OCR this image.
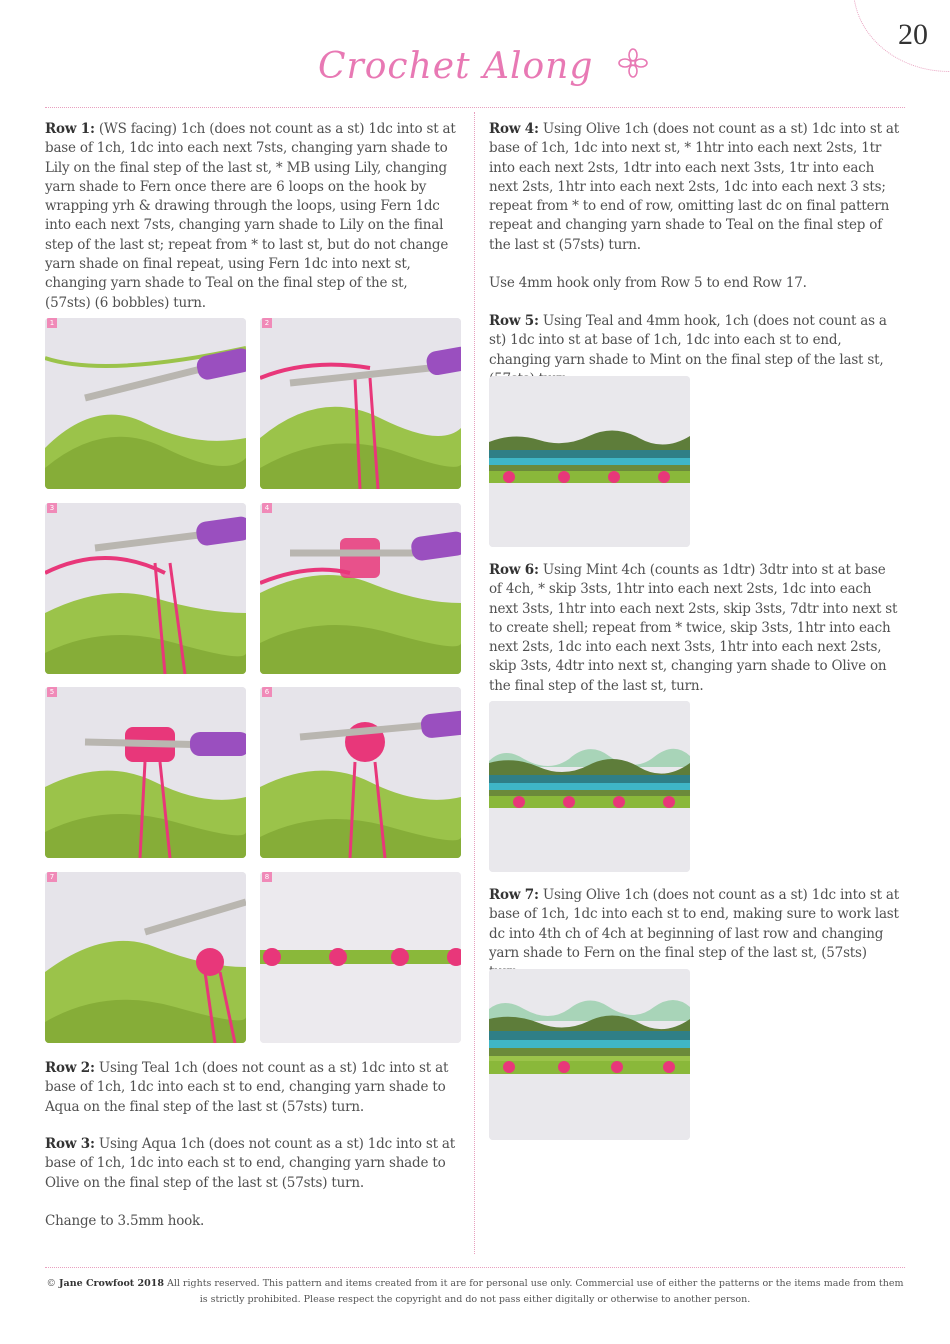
20
Crochet Along
Row 1: (WS facing) 1ch (does not count as a st) 1dc into st at base of 1ch, 1dc into each next 7sts, changing yarn shade to Lily on the final step of the last st, * MB using Lily, changing yarn shade to Fern once there are 6 loops on the hook by wrapping yrh & drawing through the loops, using Fern 1dc into each next 7sts, changing yarn shade to Lily on the final step of the last st; repeat from * to last st, but do not change yarn shade on final repeat, using Fern 1dc into next st, changing yarn shade to Teal on the final step of the st, (57sts) (6 bobbles) turn.
1	2
3	4
5	6
7	8
Row 2: Using Teal 1ch (does not count as a st) 1dc into st at base of 1ch, 1dc into each st to end, changing yarn shade to Aqua on the final step of the last st (57sts) turn.
Row 3: Using Aqua 1ch (does not count as a st) 1dc into st at base of 1ch, 1dc into each st to end, changing yarn shade to Olive on the final step of the last st (57sts) turn.
Change to 3.5mm hook.
Row 4: Using Olive 1ch (does not count as a st) 1dc into st at base of 1ch, 1dc into next st, * 1htr into each next 2sts, 1tr into each next 2sts, 1dtr into each next 3sts, 1tr into each next 2sts, 1htr into each next 2sts, 1dc into each next 3 sts; repeat from * to end of row, omitting last dc on final pattern repeat and changing yarn shade to Teal on the final step of the last st (57sts) turn.
Use 4mm hook only from Row 5 to end Row 17.
Row 5: Using Teal and 4mm hook, 1ch (does not count as a st) 1dc into st at base of 1ch, 1dc into each st to end, changing yarn shade to Mint on the final step of the last st,
Row 6: Using Mint 4ch (counts as 1dtr) 3dtr into st at base of 4ch, * skip 3sts, 1htr into each next 2sts, 1dc into each next 3sts, 1htr into each next 2sts, skip 3sts, 7dtr into next st to create shell; repeat from * twice, skip 3sts, 1htr into each next 2sts, 1dc into each next 3sts, 1htr into each next 2sts, skip 3sts, 4dtr into next st, changing yarn shade to Olive on the final step of the last st, turn.
Row 7: Using Olive 1ch (does not count as a st) 1dc into st at base of 1ch, 1dc into each st to end, making sure to work last dc into 4th ch of 4ch at beginning of last row and changing yarn shade to Fern on the final step of the last st, (57sts)
© Jane Crowfoot 2018 All rights reserved. This pattern and items created from it are for personal use only. Commercial use of either the patterns or the items made from them is strictly prohibited. Please respect the copyright and do not pass either digitally or otherwise to another person.
